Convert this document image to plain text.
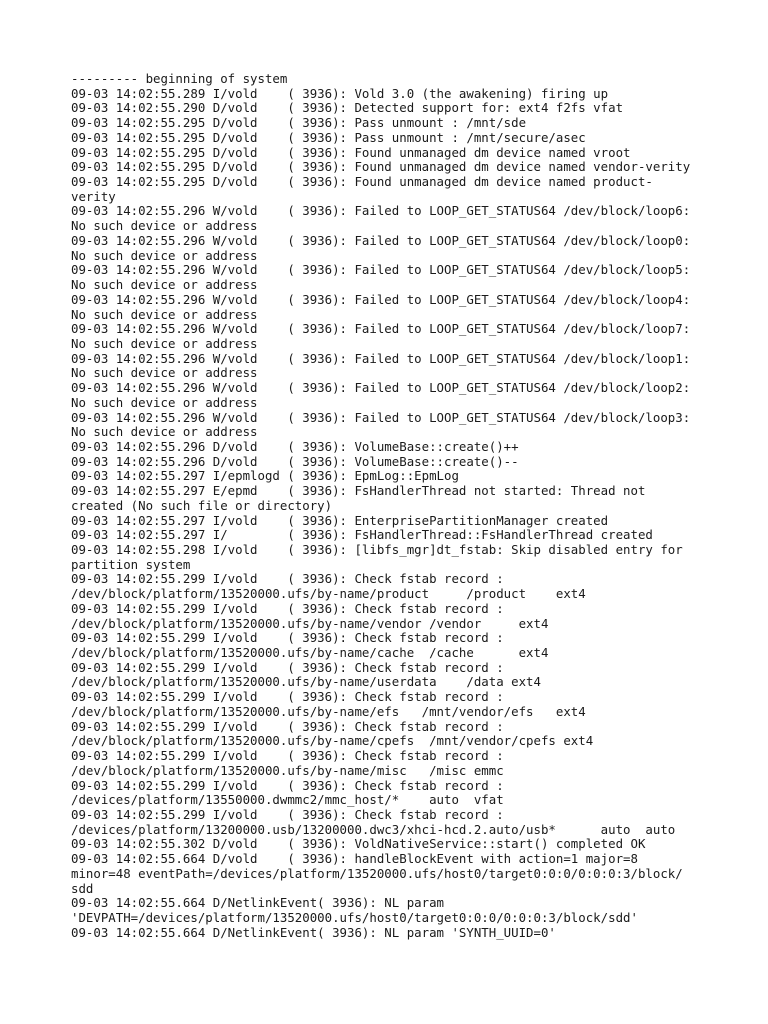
--------- beginning of system
09-03 14:02:55.289 I/vold    ( 3936): Vold 3.0 (the awakening) firing up
09-03 14:02:55.290 D/vold    ( 3936): Detected support for: ext4 f2fs vfat
09-03 14:02:55.295 D/vold    ( 3936): Pass unmount : /mnt/sde
09-03 14:02:55.295 D/vold    ( 3936): Pass unmount : /mnt/secure/asec
09-03 14:02:55.295 D/vold    ( 3936): Found unmanaged dm device named vroot
09-03 14:02:55.295 D/vold    ( 3936): Found unmanaged dm device named vendor-verity
09-03 14:02:55.295 D/vold    ( 3936): Found unmanaged dm device named product-
verity
09-03 14:02:55.296 W/vold    ( 3936): Failed to LOOP_GET_STATUS64 /dev/block/loop6:
No such device or address
09-03 14:02:55.296 W/vold    ( 3936): Failed to LOOP_GET_STATUS64 /dev/block/loop0:
No such device or address
09-03 14:02:55.296 W/vold    ( 3936): Failed to LOOP_GET_STATUS64 /dev/block/loop5:
No such device or address
09-03 14:02:55.296 W/vold    ( 3936): Failed to LOOP_GET_STATUS64 /dev/block/loop4:
No such device or address
09-03 14:02:55.296 W/vold    ( 3936): Failed to LOOP_GET_STATUS64 /dev/block/loop7:
No such device or address
09-03 14:02:55.296 W/vold    ( 3936): Failed to LOOP_GET_STATUS64 /dev/block/loop1:
No such device or address
09-03 14:02:55.296 W/vold    ( 3936): Failed to LOOP_GET_STATUS64 /dev/block/loop2:
No such device or address
09-03 14:02:55.296 W/vold    ( 3936): Failed to LOOP_GET_STATUS64 /dev/block/loop3:
No such device or address
09-03 14:02:55.296 D/vold    ( 3936): VolumeBase::create()++
09-03 14:02:55.296 D/vold    ( 3936): VolumeBase::create()--
09-03 14:02:55.297 I/epmlogd ( 3936): EpmLog::EpmLog
09-03 14:02:55.297 E/epmd    ( 3936): FsHandlerThread not started: Thread not
created (No such file or directory)
09-03 14:02:55.297 I/vold    ( 3936): EnterprisePartitionManager created
09-03 14:02:55.297 I/        ( 3936): FsHandlerThread::FsHandlerThread created
09-03 14:02:55.298 I/vold    ( 3936): [libfs_mgr]dt_fstab: Skip disabled entry for
partition system
09-03 14:02:55.299 I/vold    ( 3936): Check fstab record :
/dev/block/platform/13520000.ufs/by-name/product     /product    ext4
09-03 14:02:55.299 I/vold    ( 3936): Check fstab record :
/dev/block/platform/13520000.ufs/by-name/vendor /vendor     ext4
09-03 14:02:55.299 I/vold    ( 3936): Check fstab record :
/dev/block/platform/13520000.ufs/by-name/cache  /cache      ext4
09-03 14:02:55.299 I/vold    ( 3936): Check fstab record :
/dev/block/platform/13520000.ufs/by-name/userdata    /data ext4
09-03 14:02:55.299 I/vold    ( 3936): Check fstab record :
/dev/block/platform/13520000.ufs/by-name/efs   /mnt/vendor/efs   ext4
09-03 14:02:55.299 I/vold    ( 3936): Check fstab record :
/dev/block/platform/13520000.ufs/by-name/cpefs  /mnt/vendor/cpefs ext4
09-03 14:02:55.299 I/vold    ( 3936): Check fstab record :
/dev/block/platform/13520000.ufs/by-name/misc   /misc emmc
09-03 14:02:55.299 I/vold    ( 3936): Check fstab record :
/devices/platform/13550000.dwmmc2/mmc_host/*    auto  vfat
09-03 14:02:55.299 I/vold    ( 3936): Check fstab record :
/devices/platform/13200000.usb/13200000.dwc3/xhci-hcd.2.auto/usb*      auto  auto
09-03 14:02:55.302 D/vold    ( 3936): VoldNativeService::start() completed OK
09-03 14:02:55.664 D/vold    ( 3936): handleBlockEvent with action=1 major=8
minor=48 eventPath=/devices/platform/13520000.ufs/host0/target0:0:0/0:0:0:3/block/
sdd
09-03 14:02:55.664 D/NetlinkEvent( 3936): NL param
'DEVPATH=/devices/platform/13520000.ufs/host0/target0:0:0/0:0:0:3/block/sdd'
09-03 14:02:55.664 D/NetlinkEvent( 3936): NL param 'SYNTH_UUID=0'
